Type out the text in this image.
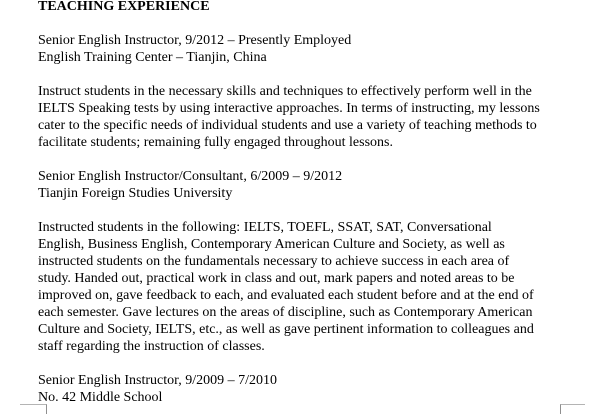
TEACHING EXPERIENCE
Senior English Instructor, 9/2012 – Presently Employed
English Training Center – Tianjin, China
Instruct students in the necessary skills and techniques to effectively perform well in the
IELTS Speaking tests by using interactive approaches. In terms of instructing, my lessons
cater to the specific needs of individual students and use a variety of teaching methods to
facilitate students; remaining fully engaged throughout lessons.
Senior English Instructor/Consultant, 6/2009 – 9/2012
Tianjin Foreign Studies University
Instructed students in the following: IELTS, TOEFL, SSAT, SAT, Conversational
English, Business English, Contemporary American Culture and Society, as well as
instructed students on the fundamentals necessary to achieve success in each area of
study. Handed out, practical work in class and out, mark papers and noted areas to be
improved on, gave feedback to each, and evaluated each student before and at the end of
each semester. Gave lectures on the areas of discipline, such as Contemporary American
Culture and Society, IELTS, etc., as well as gave pertinent information to colleagues and
staff regarding the instruction of classes.
Senior English Instructor, 9/2009 – 7/2010
No. 42 Middle School
